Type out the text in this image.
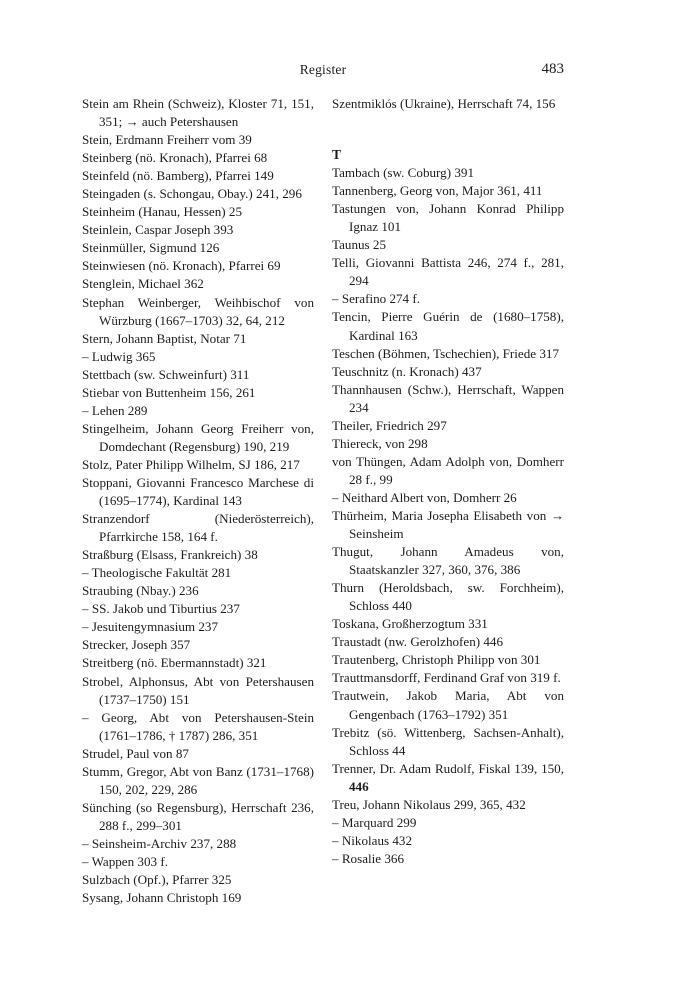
Register	483
Stein am Rhein (Schweiz), Kloster 71, 151, 351; → auch Petershausen
Stein, Erdmann Freiherr vom 39
Steinberg (nö. Kronach), Pfarrei 68
Steinfeld (nö. Bamberg), Pfarrei 149
Steingaden (s. Schongau, Obay.) 241, 296
Steinheim (Hanau, Hessen) 25
Steinlein, Caspar Joseph 393
Steinmüller, Sigmund 126
Steinwiesen (nö. Kronach), Pfarrei 69
Stenglein, Michael 362
Stephan Weinberger, Weihbischof von Würzburg (1667–1703) 32, 64, 212
Stern, Johann Baptist, Notar 71
– Ludwig 365
Stettbach (sw. Schweinfurt) 311
Stiebar von Buttenheim 156, 261
– Lehen 289
Stingelheim, Johann Georg Freiherr von, Domdechant (Regensburg) 190, 219
Stolz, Pater Philipp Wilhelm, SJ 186, 217
Stoppani, Giovanni Francesco Marchese di (1695–1774), Kardinal 143
Stranzendorf (Niederösterreich), Pfarrkirche 158, 164 f.
Straßburg (Elsass, Frankreich) 38
– Theologische Fakultät 281
Straubing (Nbay.) 236
– SS. Jakob und Tiburtius 237
– Jesuitengymnasium 237
Strecker, Joseph 357
Streitberg (nö. Ebermannstadt) 321
Strobel, Alphonsus, Abt von Petershausen (1737–1750) 151
– Georg, Abt von Petershausen-Stein (1761–1786, † 1787) 286, 351
Strudel, Paul von 87
Stumm, Gregor, Abt von Banz (1731–1768) 150, 202, 229, 286
Sünching (so Regensburg), Herrschaft 236, 288 f., 299–301
– Seinsheim-Archiv 237, 288
– Wappen 303 f.
Sulzbach (Opf.), Pfarrer 325
Sysang, Johann Christoph 169
Szentmiklós (Ukraine), Herrschaft 74, 156
T
Tambach (sw. Coburg) 391
Tannenberg, Georg von, Major 361, 411
Tastungen von, Johann Konrad Philipp Ignaz 101
Taunus 25
Telli, Giovanni Battista 246, 274 f., 281, 294
– Serafino 274 f.
Tencin, Pierre Guérin de (1680–1758), Kardinal 163
Teschen (Böhmen, Tschechien), Friede 317
Teuschnitz (n. Kronach) 437
Thannhausen (Schw.), Herrschaft, Wappen 234
Theiler, Friedrich 297
Thiereck, von 298
von Thüngen, Adam Adolph von, Domherr 28 f., 99
– Neithard Albert von, Domherr 26
Thürheim, Maria Josepha Elisabeth von → Seinsheim
Thugut, Johann Amadeus von, Staatskanzler 327, 360, 376, 386
Thurn (Heroldsbach, sw. Forchheim), Schloss 440
Toskana, Großherzogtum 331
Traustadt (nw. Gerolzhofen) 446
Trautenberg, Christoph Philipp von 301
Trauttmansdorff, Ferdinand Graf von 319 f.
Trautwein, Jakob Maria, Abt von Gengenbach (1763–1792) 351
Trebitz (sö. Wittenberg, Sachsen-Anhalt), Schloss 44
Trenner, Dr. Adam Rudolf, Fiskal 139, 150, 446
Treu, Johann Nikolaus 299, 365, 432
– Marquard 299
– Nikolaus 432
– Rosalie 366
